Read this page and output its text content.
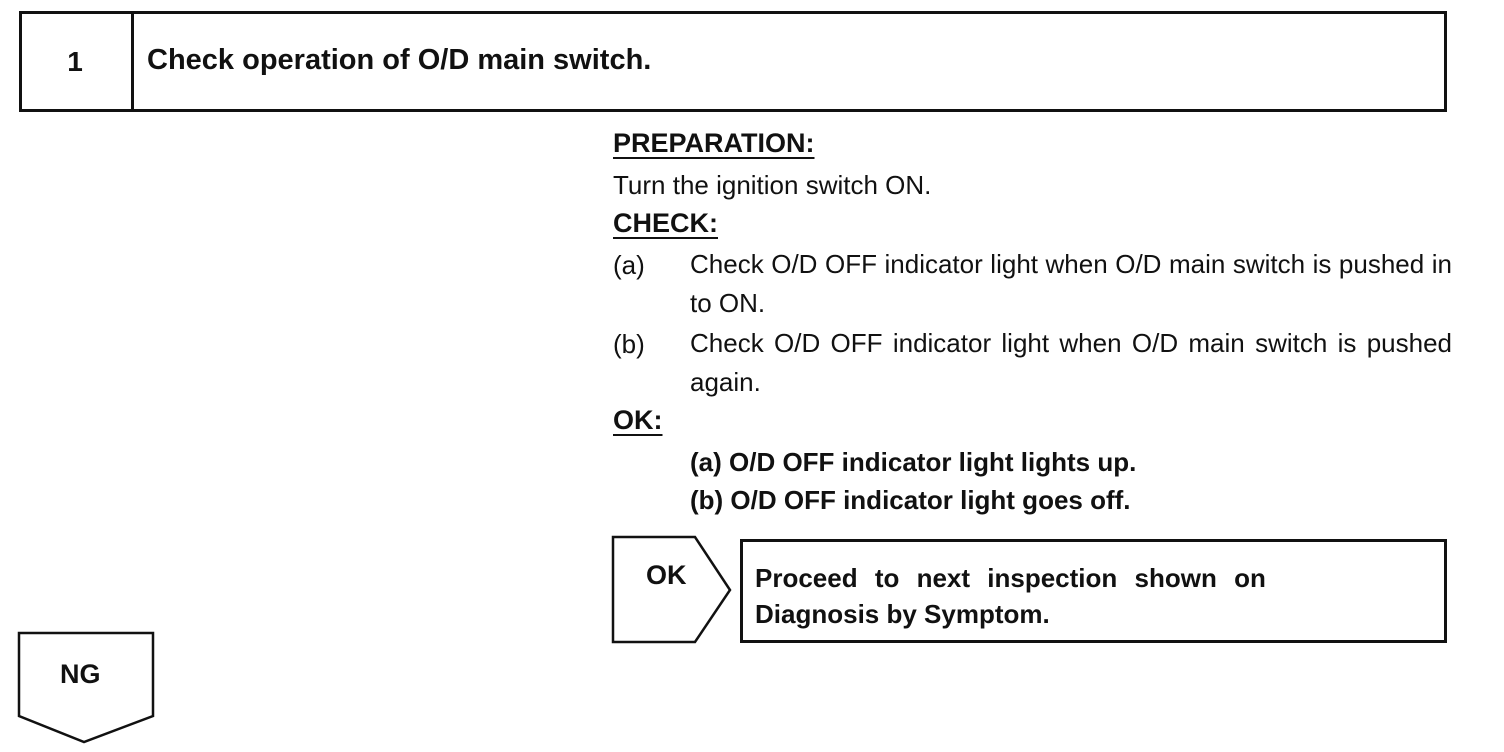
1	Check operation of O/D main switch.
PREPARATION:
Turn the ignition switch ON.
CHECK:
(a) Check O/D OFF indicator light when O/D main switch is pushed in to ON.
(b) Check O/D OFF indicator light when O/D main switch is pushed again.
OK:
(a) O/D OFF indicator light lights up.
(b) O/D OFF indicator light goes off.
OK	Proceed to next inspection shown on
Diagnosis by Symptom.
NG
